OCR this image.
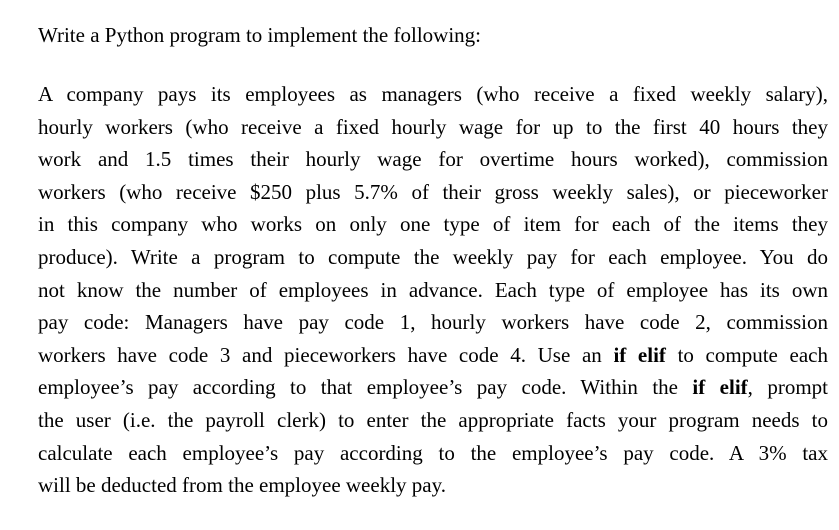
Write a Python program to implement the following:
A company pays its employees as managers (who receive a fixed weekly salary),
hourly workers (who receive a fixed hourly wage for up to the first 40 hours they
work and 1.5 times their hourly wage for overtime hours worked), commission
workers (who receive $250 plus 5.7% of their gross weekly sales), or pieceworker
in this company who works on only one type of item for each of the items they
produce). Write a program to compute the weekly pay for each employee. You do
not know the number of employees in advance. Each type of employee has its own
pay code: Managers have pay code 1, hourly workers have code 2, commission
workers have code 3 and pieceworkers have code 4. Use an if elif to compute each
employee’s pay according to that employee’s pay code. Within the if elif, prompt
the user (i.e. the payroll clerk) to enter the appropriate facts your program needs to
calculate each employee’s pay according to the employee’s pay code. A 3% tax
will be deducted from the employee weekly pay.
